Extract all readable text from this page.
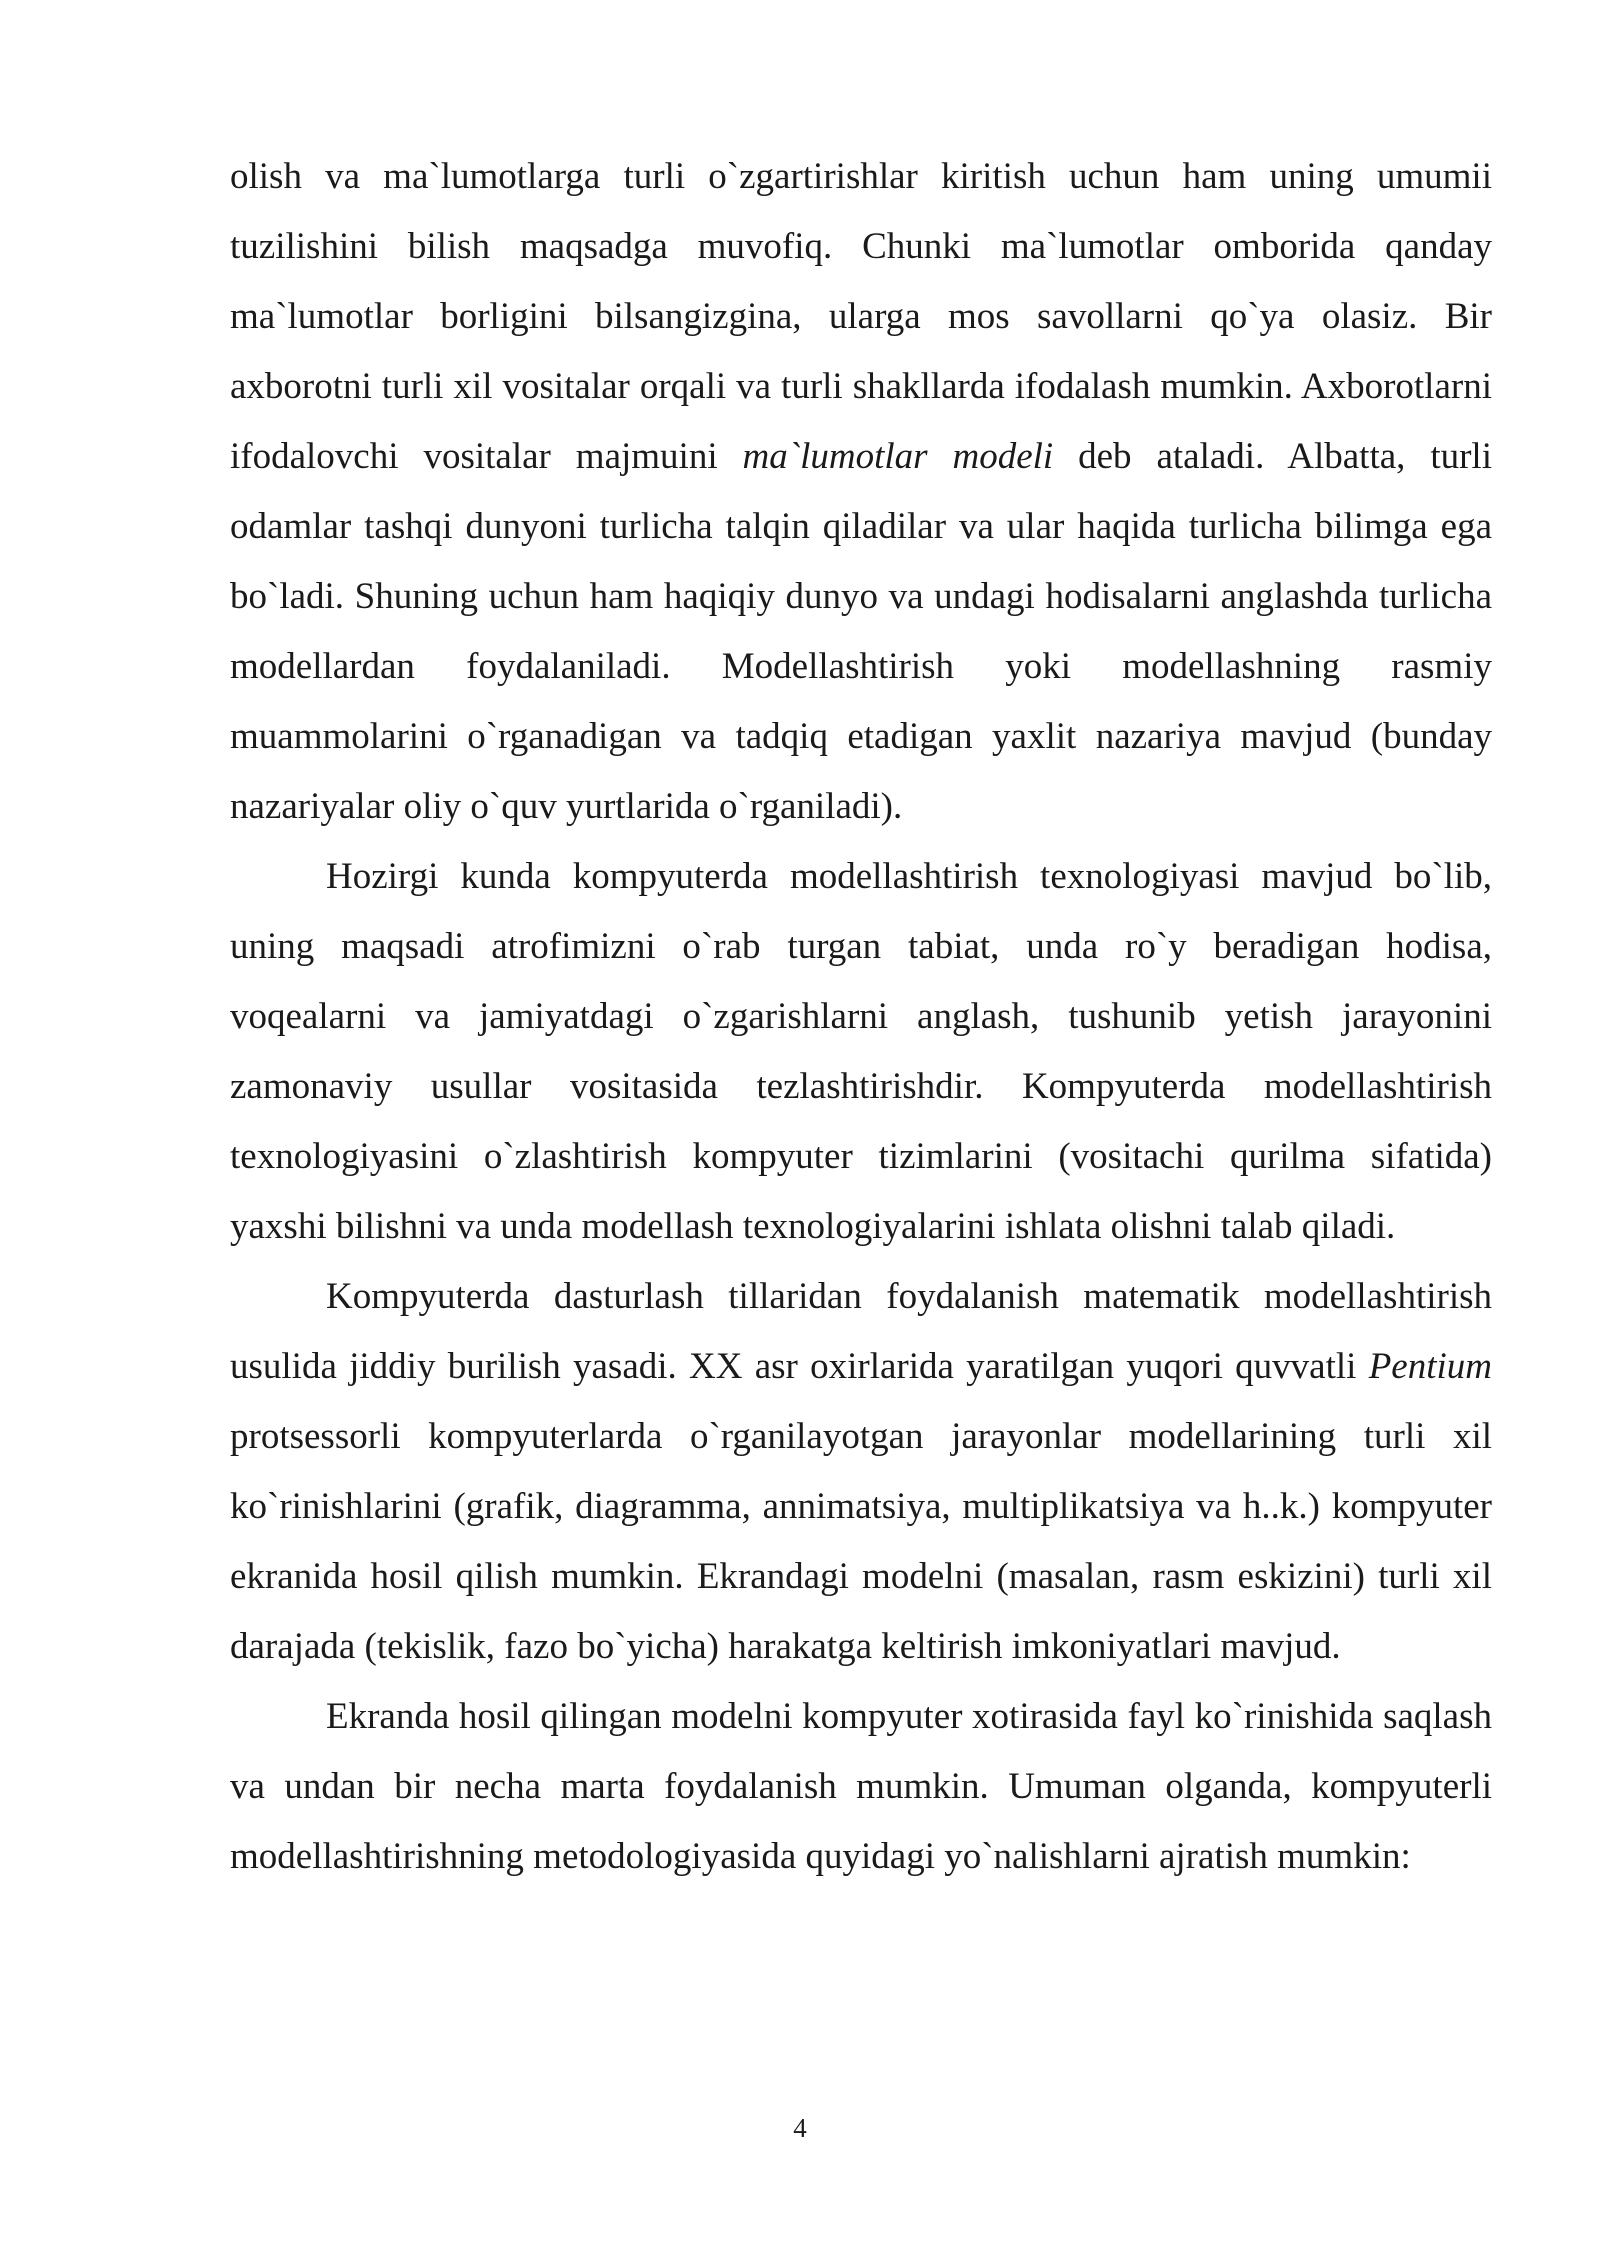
olish va ma`lumotlarga turli o`zgartirishlar kiritish uchun ham uning umumii tuzilishini bilish maqsadga muvofiq. Chunki ma`lumotlar omborida qanday ma`lumotlar borligini bilsangizgina, ularga mos savollarni qo`ya olasiz. Bir axborotni turli xil vositalar orqali va turli shakllarda ifodalash mumkin. Axborotlarni ifodalovchi vositalar majmuini ma`lumotlar modeli deb ataladi. Albatta, turli odamlar tashqi dunyoni turlicha talqin qiladilar va ular haqida turlicha bilimga ega bo`ladi. Shuning uchun ham haqiqiy dunyo va undagi hodisalarni anglashda turlicha modellardan foydalaniladi. Modellashtirish yoki modellashning rasmiy muammolarini o`rganadigan va tadqiq etadigan yaxlit nazariya mavjud (bunday nazariyalar oliy o`quv yurtlarida o`rganiladi).

Hozirgi kunda kompyuterda modellashtirish texnologiyasi mavjud bo`lib, uning maqsadi atrofimizni o`rab turgan tabiat, unda ro`y beradigan hodisa, voqealarni va jamiyatdagi o`zgarishlarni anglash, tushunib yetish jarayonini zamonaviy usullar vositasida tezlashtirishdir. Kompyuterda modellashtirish texnologiyasini o`zlashtirish kompyuter tizimlarini (vositachi qurilma sifatida) yaxshi bilishni va unda modellash texnologiyalarini ishlata olishni talab qiladi.

Kompyuterda dasturlash tillaridan foydalanish matematik modellashtirish usulida jiddiy burilish yasadi. XX asr oxirlarida yaratilgan yuqori quvvatli Pentium protsessorli kompyuterlarda o`rganilayotgan jarayonlar modellarining turli xil ko`rinishlarini (grafik, diagramma, annimatsiya, multiplikatsiya va h..k.) kompyuter ekranida hosil qilish mumkin. Ekrandagi modelni (masalan, rasm eskizini) turli xil darajada (tekislik, fazo bo`yicha) harakatga keltirish imkoniyatlari mavjud.

Ekranda hosil qilingan modelni kompyuter xotirasida fayl ko`rinishida saqlash va undan bir necha marta foydalanish mumkin. Umuman olganda, kompyuterli modellashtirishning metodologiyasida quyidagi yo`nalishlarni ajratish mumkin:

4
